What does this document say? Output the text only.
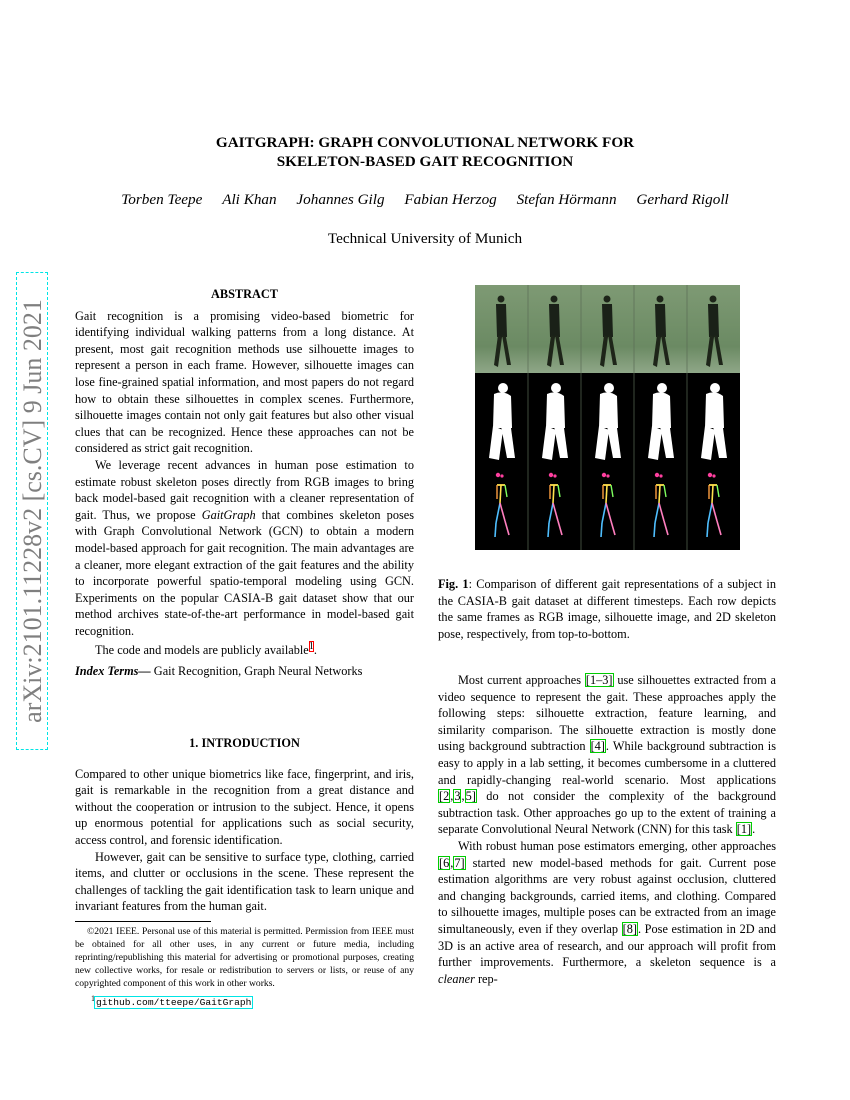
GAITGRAPH: GRAPH CONVOLUTIONAL NETWORK FOR
SKELETON-BASED GAIT RECOGNITION
Torben Teepe Ali Khan Johannes Gilg Fabian Herzog Stefan Hörmann Gerhard Rigoll
Technical University of Munich
arXiv:2101.11228v2 [cs.CV] 9 Jun 2021
ABSTRACT

Gait recognition is a promising video-based biometric for identifying individual walking patterns from a long distance. At present, most gait recognition methods use silhouette images to represent a person in each frame. However, silhouette images can lose fine-grained spatial information, and most papers do not regard how to obtain these silhouettes in complex scenes. Furthermore, silhouette images contain not only gait features but also other visual clues that can be recognized. Hence these approaches can not be considered as strict gait recognition.

We leverage recent advances in human pose estimation to estimate robust skeleton poses directly from RGB images to bring back model-based gait recognition with a cleaner representation of gait. Thus, we propose GaitGraph that combines skeleton poses with Graph Convolutional Network (GCN) to obtain a modern model-based approach for gait recognition. The main advantages are a cleaner, more elegant extraction of the gait features and the ability to incorporate powerful spatio-temporal modeling using GCN. Experiments on the popular CASIA-B gait dataset show that our method archives state-of-the-art performance in model-based gait recognition.

The code and models are publicly available$^1$.

Index Terms— Gait Recognition, Graph Neural Networks

1. INTRODUCTION

Compared to other unique biometrics like face, fingerprint, and iris, gait is remarkable in the recognition from a great distance and without the cooperation or intrusion to the subject. Hence, it opens up enormous potential for applications such as social security, access control, and forensic identification.

However, gait can be sensitive to surface type, clothing, carried items, and clutter or occlusions in the scene. These represent the challenges of tackling the gait identification task to learn unique and invariant features from the human gait.

©2021 IEEE. Personal use of this material is permitted. Permission from IEEE must be obtained for all other uses, in any current or future media, including reprinting/republishing this material for advertising or promotional purposes, creating new collective works, for resale or redistribution to servers or lists, or reuse of any copyrighted component of this work in other works.

$^1$github.com/tteepe/GaitGraph

Fig. 1: Comparison of different gait representations of a subject in the CASIA-B gait dataset at different timesteps. Each row depicts the same frames as RGB image, silhouette image, and 2D skeleton pose, respectively, from top-to-bottom.

Most current approaches [1–3] use silhouettes extracted from a video sequence to represent the gait. These approaches apply the following steps: silhouette extraction, feature learning, and similarity comparison. The silhouette extraction is mostly done using background subtraction [4]. While background subtraction is easy to apply in a lab setting, it becomes cumbersome in a cluttered and rapidly-changing real-world scenario. Most applications [2,3,5] do not consider the complexity of the background subtraction task. Other approaches go up to the extent of training a separate Convolutional Neural Network (CNN) for this task [1].

With robust human pose estimators emerging, other approaches [6,7] started new model-based methods for gait. Current pose estimation algorithms are very robust against occlusion, cluttered and changing backgrounds, carried items, and clothing. Compared to silhouette images, multiple poses can be extracted from an image simultaneously, even if they overlap [8]. Pose estimation in 2D and 3D is an active area of research, and our approach will profit from further improvements. Furthermore, a skeleton sequence is a cleaner rep-
